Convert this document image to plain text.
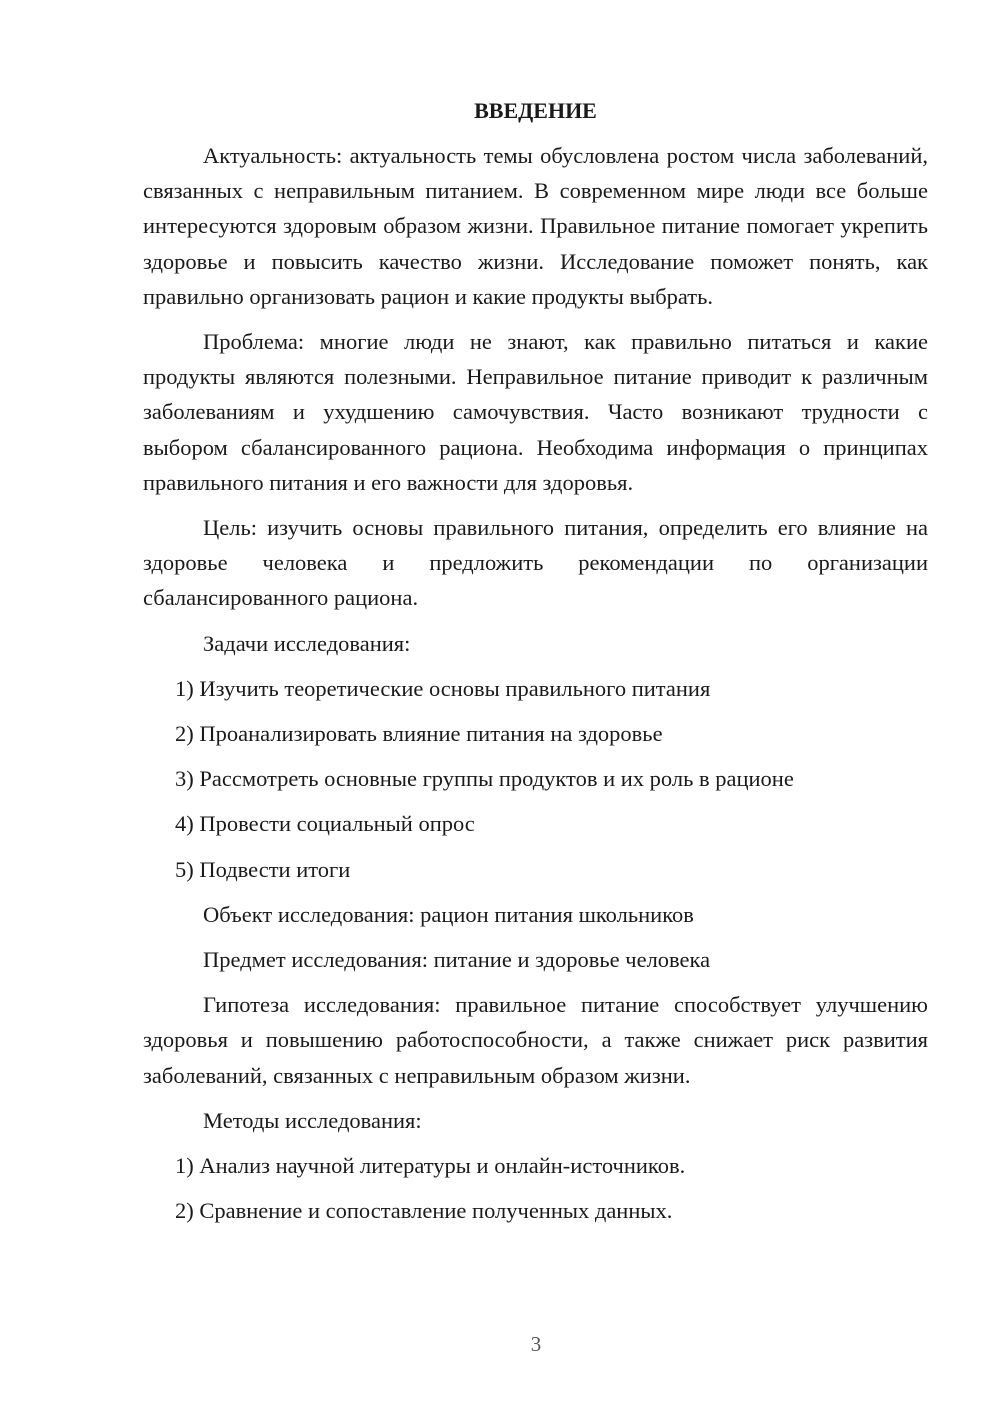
ВВЕДЕНИЕ

Актуальность: актуальность темы обусловлена ростом числа заболеваний, связанных с неправильным питанием. В современном мире люди все больше интересуются здоровым образом жизни. Правильное питание помогает укрепить здоровье и повысить качество жизни. Исследование поможет понять, как правильно организовать рацион и какие продукты выбрать.

Проблема: многие люди не знают, как правильно питаться и какие продукты являются полезными. Неправильное питание приводит к различным заболеваниям и ухудшению самочувствия. Часто возникают трудности с выбором сбалансированного рациона. Необходима информация о принципах правильного питания и его важности для здоровья.

Цель: изучить основы правильного питания, определить его влияние на здоровье человека и предложить рекомендации по организации сбалансированного рациона.

Задачи исследования:
1) Изучить теоретические основы правильного питания
2) Проанализировать влияние питания на здоровье
3) Рассмотреть основные группы продуктов и их роль в рационе
4) Провести социальный опрос
5) Подвести итоги
Объект исследования: рацион питания школьников
Предмет исследования: питание и здоровье человека

Гипотеза исследования: правильное питание способствует улучшению здоровья и повышению работоспособности, а также снижает риск развития заболеваний, связанных с неправильным образом жизни.

Методы исследования:
1) Анализ научной литературы и онлайн-источников.
2) Сравнение и сопоставление полученных данных.
3
